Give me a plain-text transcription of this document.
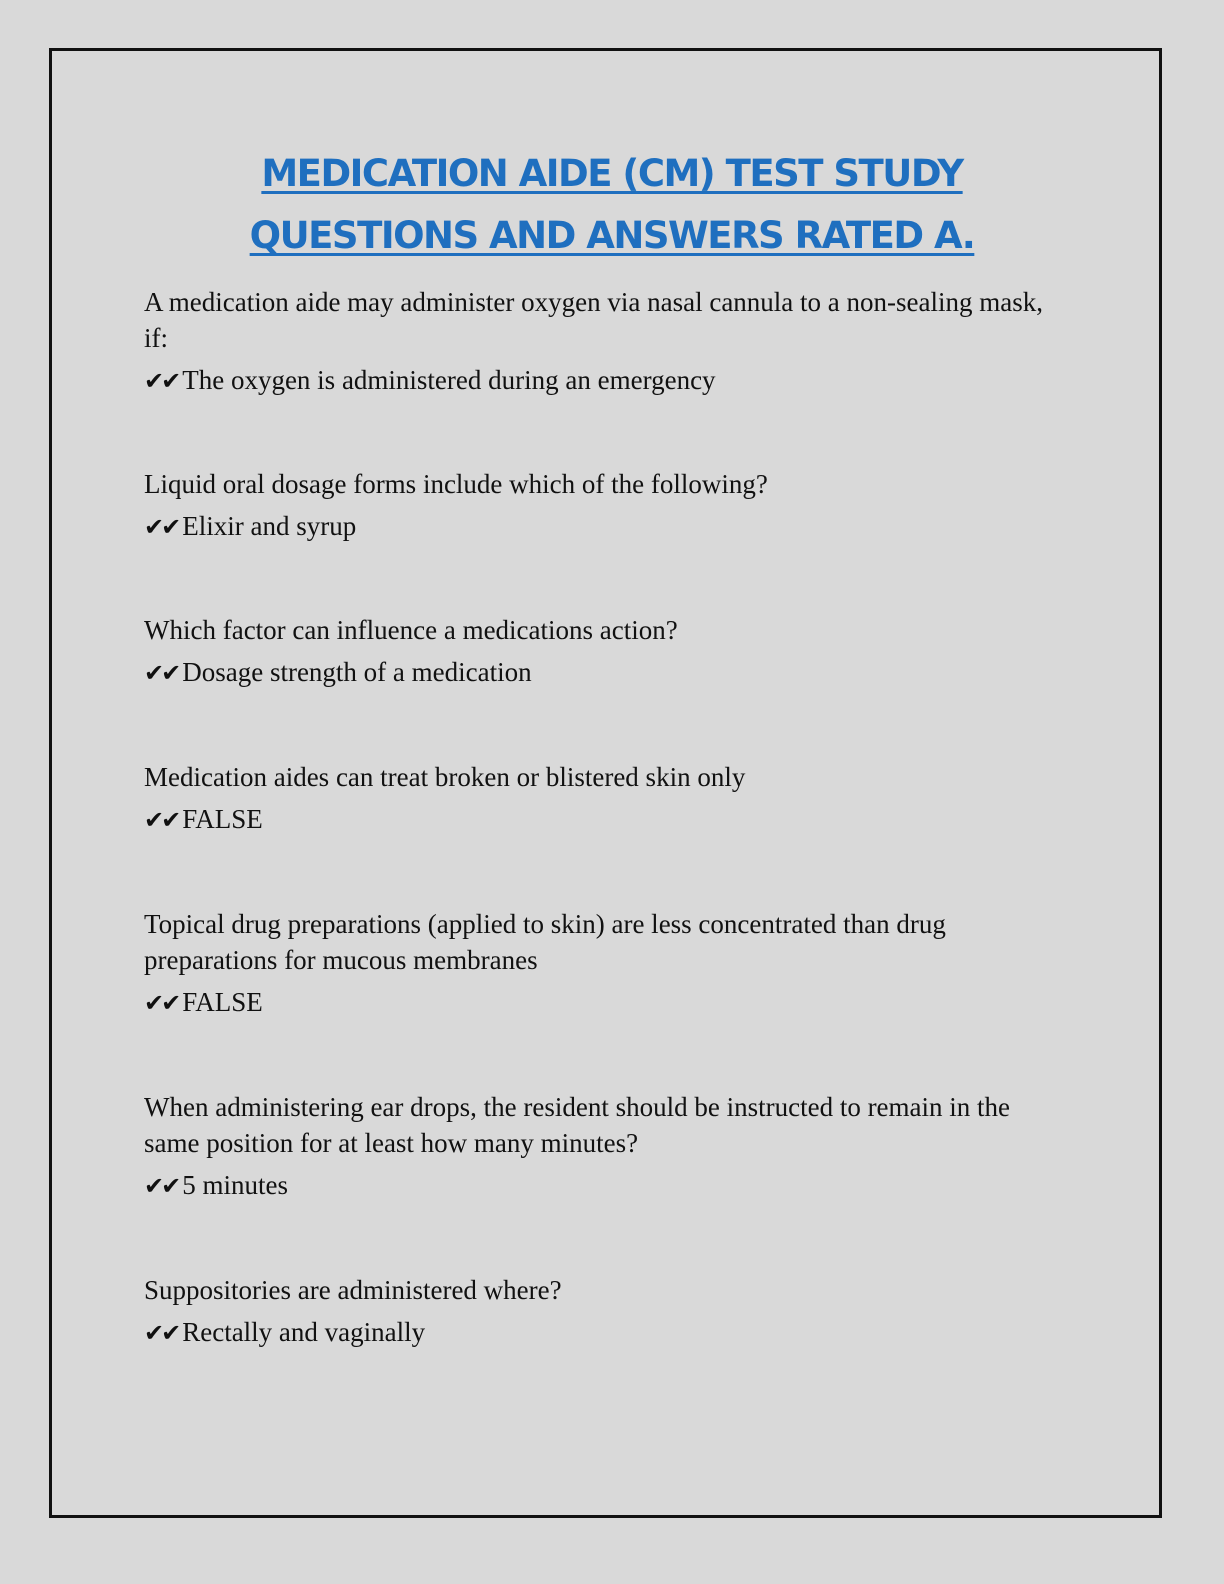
MEDICATION AIDE (CM) TEST STUDY
QUESTIONS AND ANSWERS RATED A.
A medication aide may administer oxygen via nasal cannula to a non-sealing mask, if:
✔✔ The oxygen is administered during an emergency
Liquid oral dosage forms include which of the following?
✔✔ Elixir and syrup
Which factor can influence a medications action?
✔✔ Dosage strength of a medication
Medication aides can treat broken or blistered skin only
✔✔ FALSE
Topical drug preparations (applied to skin) are less concentrated than drug preparations for mucous membranes
✔✔ FALSE
When administering ear drops, the resident should be instructed to remain in the same position for at least how many minutes?
✔✔ 5 minutes
Suppositories are administered where?
✔✔ Rectally and vaginally
